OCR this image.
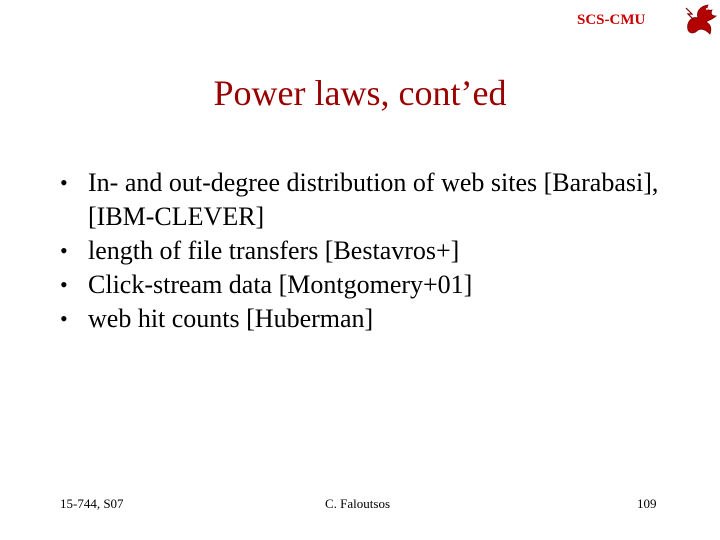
SCS-CMU
Power laws, cont’ed
• In- and out-degree distribution of web sites [Barabasi], [IBM-CLEVER]
• length of file transfers [Bestavros+]
• Click-stream data [Montgomery+01]
• web hit counts [Huberman]
15-744, S07	C. Faloutsos	109
